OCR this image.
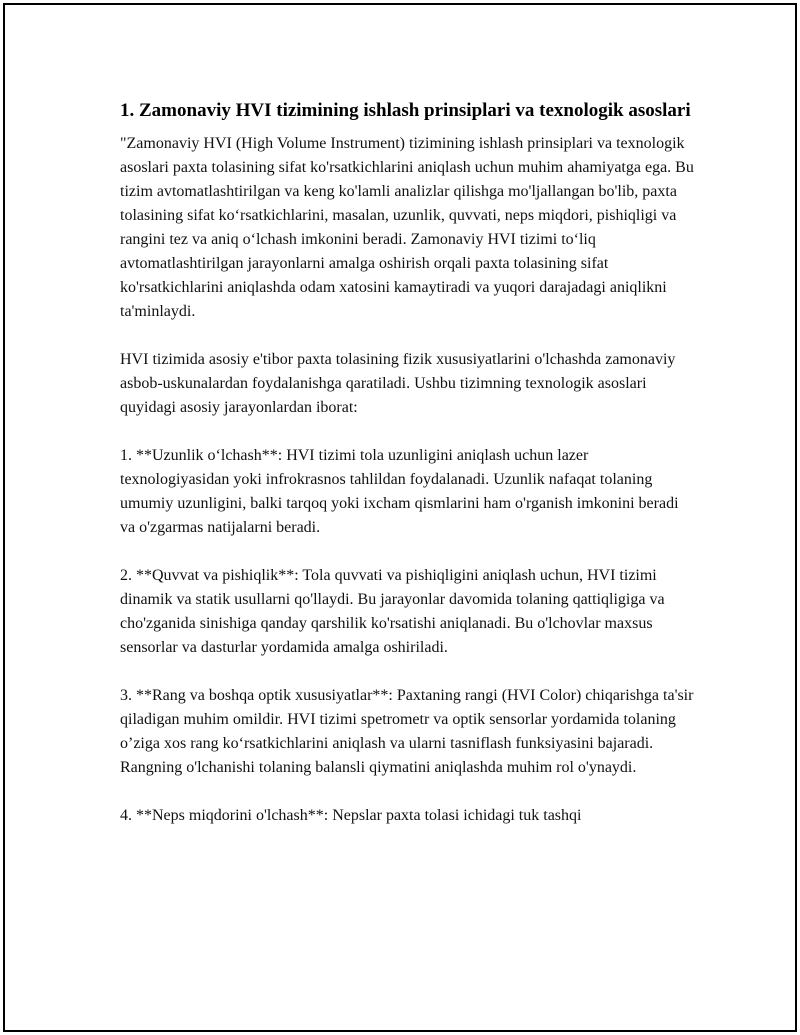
1. Zamonaviy HVI tizimining ishlash prinsiplari va texnologik asoslari

"Zamonaviy HVI (High Volume Instrument) tizimining ishlash prinsiplari va texnologik asoslari paxta tolasining sifat ko'rsatkichlarini aniqlash uchun muhim ahamiyatga ega. Bu tizim avtomatlashtirilgan va keng ko'lamli analizlar qilishga mo'ljallangan bo'lib, paxta tolasining sifat ko‘rsatkichlarini, masalan, uzunlik, quvvati, neps miqdori, pishiqligi va rangini tez va aniq o‘lchash imkonini beradi. Zamonaviy HVI tizimi to‘liq avtomatlashtirilgan jarayonlarni amalga oshirish orqali paxta tolasining sifat ko'rsatkichlarini aniqlashda odam xatosini kamaytiradi va yuqori darajadagi aniqlikni ta'minlaydi.

HVI tizimida asosiy e'tibor paxta tolasining fizik xususiyatlarini o'lchashda zamonaviy asbob-uskunalardan foydalanishga qaratiladi. Ushbu tizimning texnologik asoslari quyidagi asosiy jarayonlardan iborat:

1. **Uzunlik o‘lchash**: HVI tizimi tola uzunligini aniqlash uchun lazer texnologiyasidan yoki infrokrasnos tahlildan foydalanadi. Uzunlik nafaqat tolaning umumiy uzunligini, balki tarqoq yoki ixcham qismlarini ham o'rganish imkonini beradi va o'zgarmas natijalarni beradi.

2. **Quvvat va pishiqlik**: Tola quvvati va pishiqligini aniqlash uchun, HVI tizimi dinamik va statik usullarni qo'llaydi. Bu jarayonlar davomida tolaning qattiqligiga va cho'zganida sinishiga qanday qarshilik ko'rsatishi aniqlanadi. Bu o'lchovlar maxsus sensorlar va dasturlar yordamida amalga oshiriladi.

3. **Rang va boshqa optik xususiyatlar**: Paxtaning rangi (HVI Color) chiqarishga ta'sir qiladigan muhim omildir. HVI tizimi spetrometr va optik sensorlar yordamida tolaning o’ziga xos rang ko‘rsatkichlarini aniqlash va ularni tasniflash funksiyasini bajaradi. Rangning o'lchanishi tolaning balansli qiymatini aniqlashda muhim rol o'ynaydi.

4. **Neps miqdorini o'lchash**: Nepslar paxta tolasi ichidagi tuk tashqi
